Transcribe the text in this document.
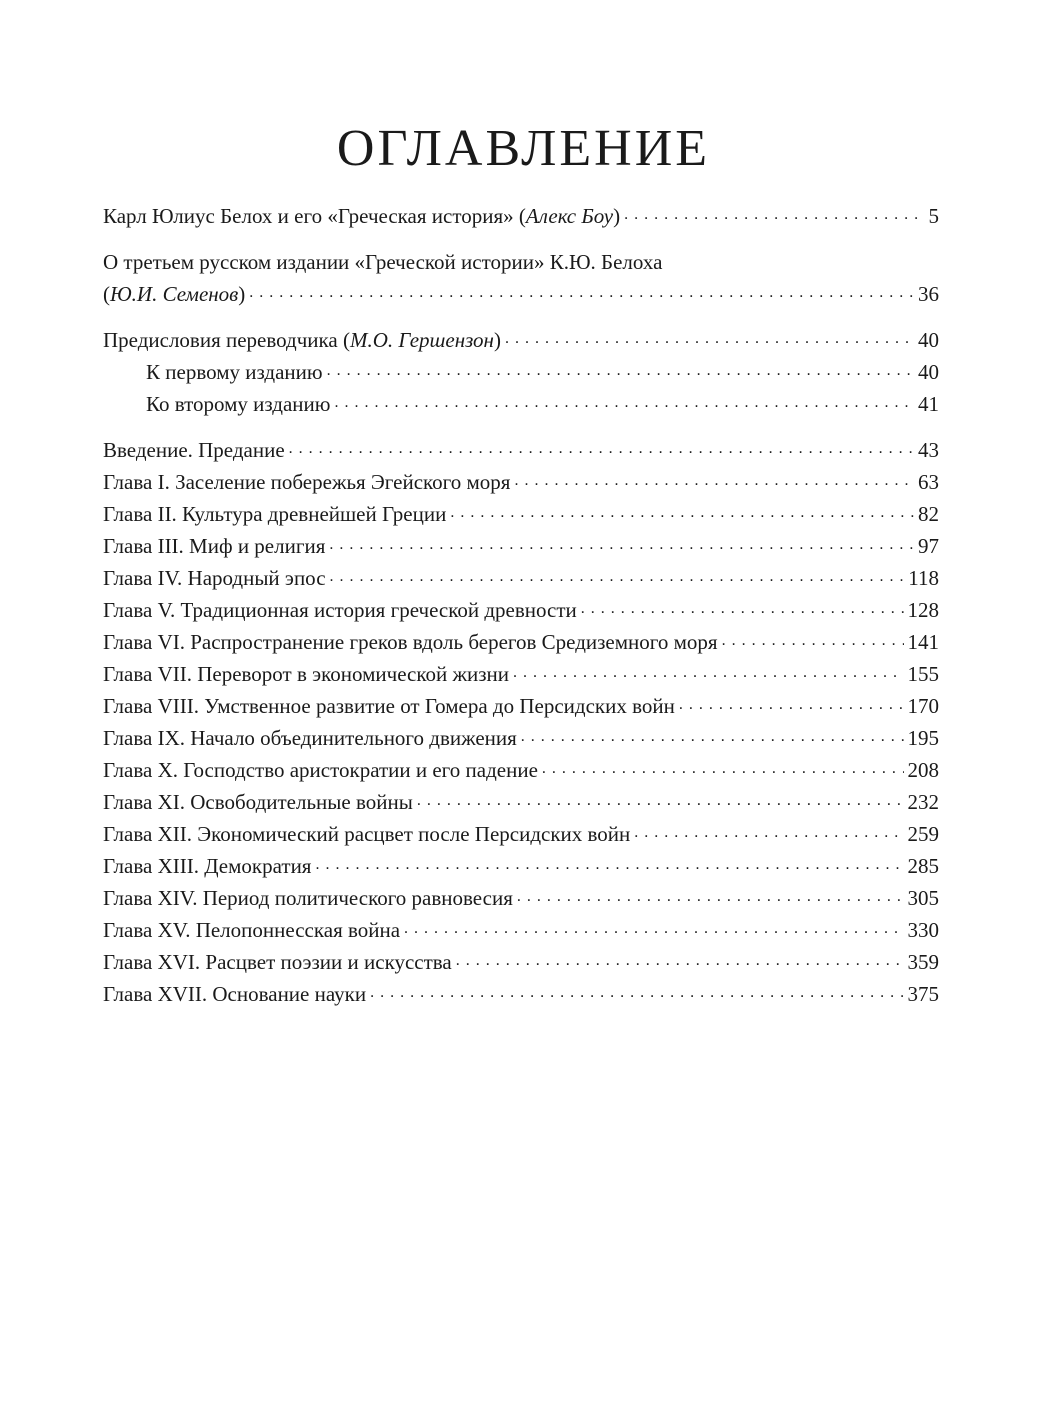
ОГЛАВЛЕНИЕ
Карл Юлиус Белох и его «Греческая история» (Алекс Боу) . . .	5
О третьем русском издании «Греческой истории» К.Ю. Белоха
(Ю.И. Семенов) . . .	36
Предисловия переводчика (М.О. Гершензон) . . .	40
К первому изданию . . .	40
Ко второму изданию . . .	41
Введение. Предание . . .	43
Глава I. Заселение побережья Эгейского моря . . .	63
Глава II. Культура древнейшей Греции . . .	82
Глава III. Миф и религия . . .	97
Глава IV. Народный эпос . . .	118
Глава V. Традиционная история греческой древности . . .	128
Глава VI. Распространение греков вдоль берегов Средиземного моря . . .	141
Глава VII. Переворот в экономической жизни . . .	155
Глава VIII. Умственное развитие от Гомера до Персидских войн . . .	170
Глава IX. Начало объединительного движения . . .	195
Глава X. Господство аристократии и его падение . . .	208
Глава XI. Освободительные войны . . .	232
Глава XII. Экономический расцвет после Персидских войн . . .	259
Глава XIII. Демократия . . .	285
Глава XIV. Период политического равновесия . . .	305
Глава XV. Пелопоннесская война . . .	330
Глава XVI. Расцвет поэзии и искусства . . .	359
Глава XVII. Основание науки . . .	375
